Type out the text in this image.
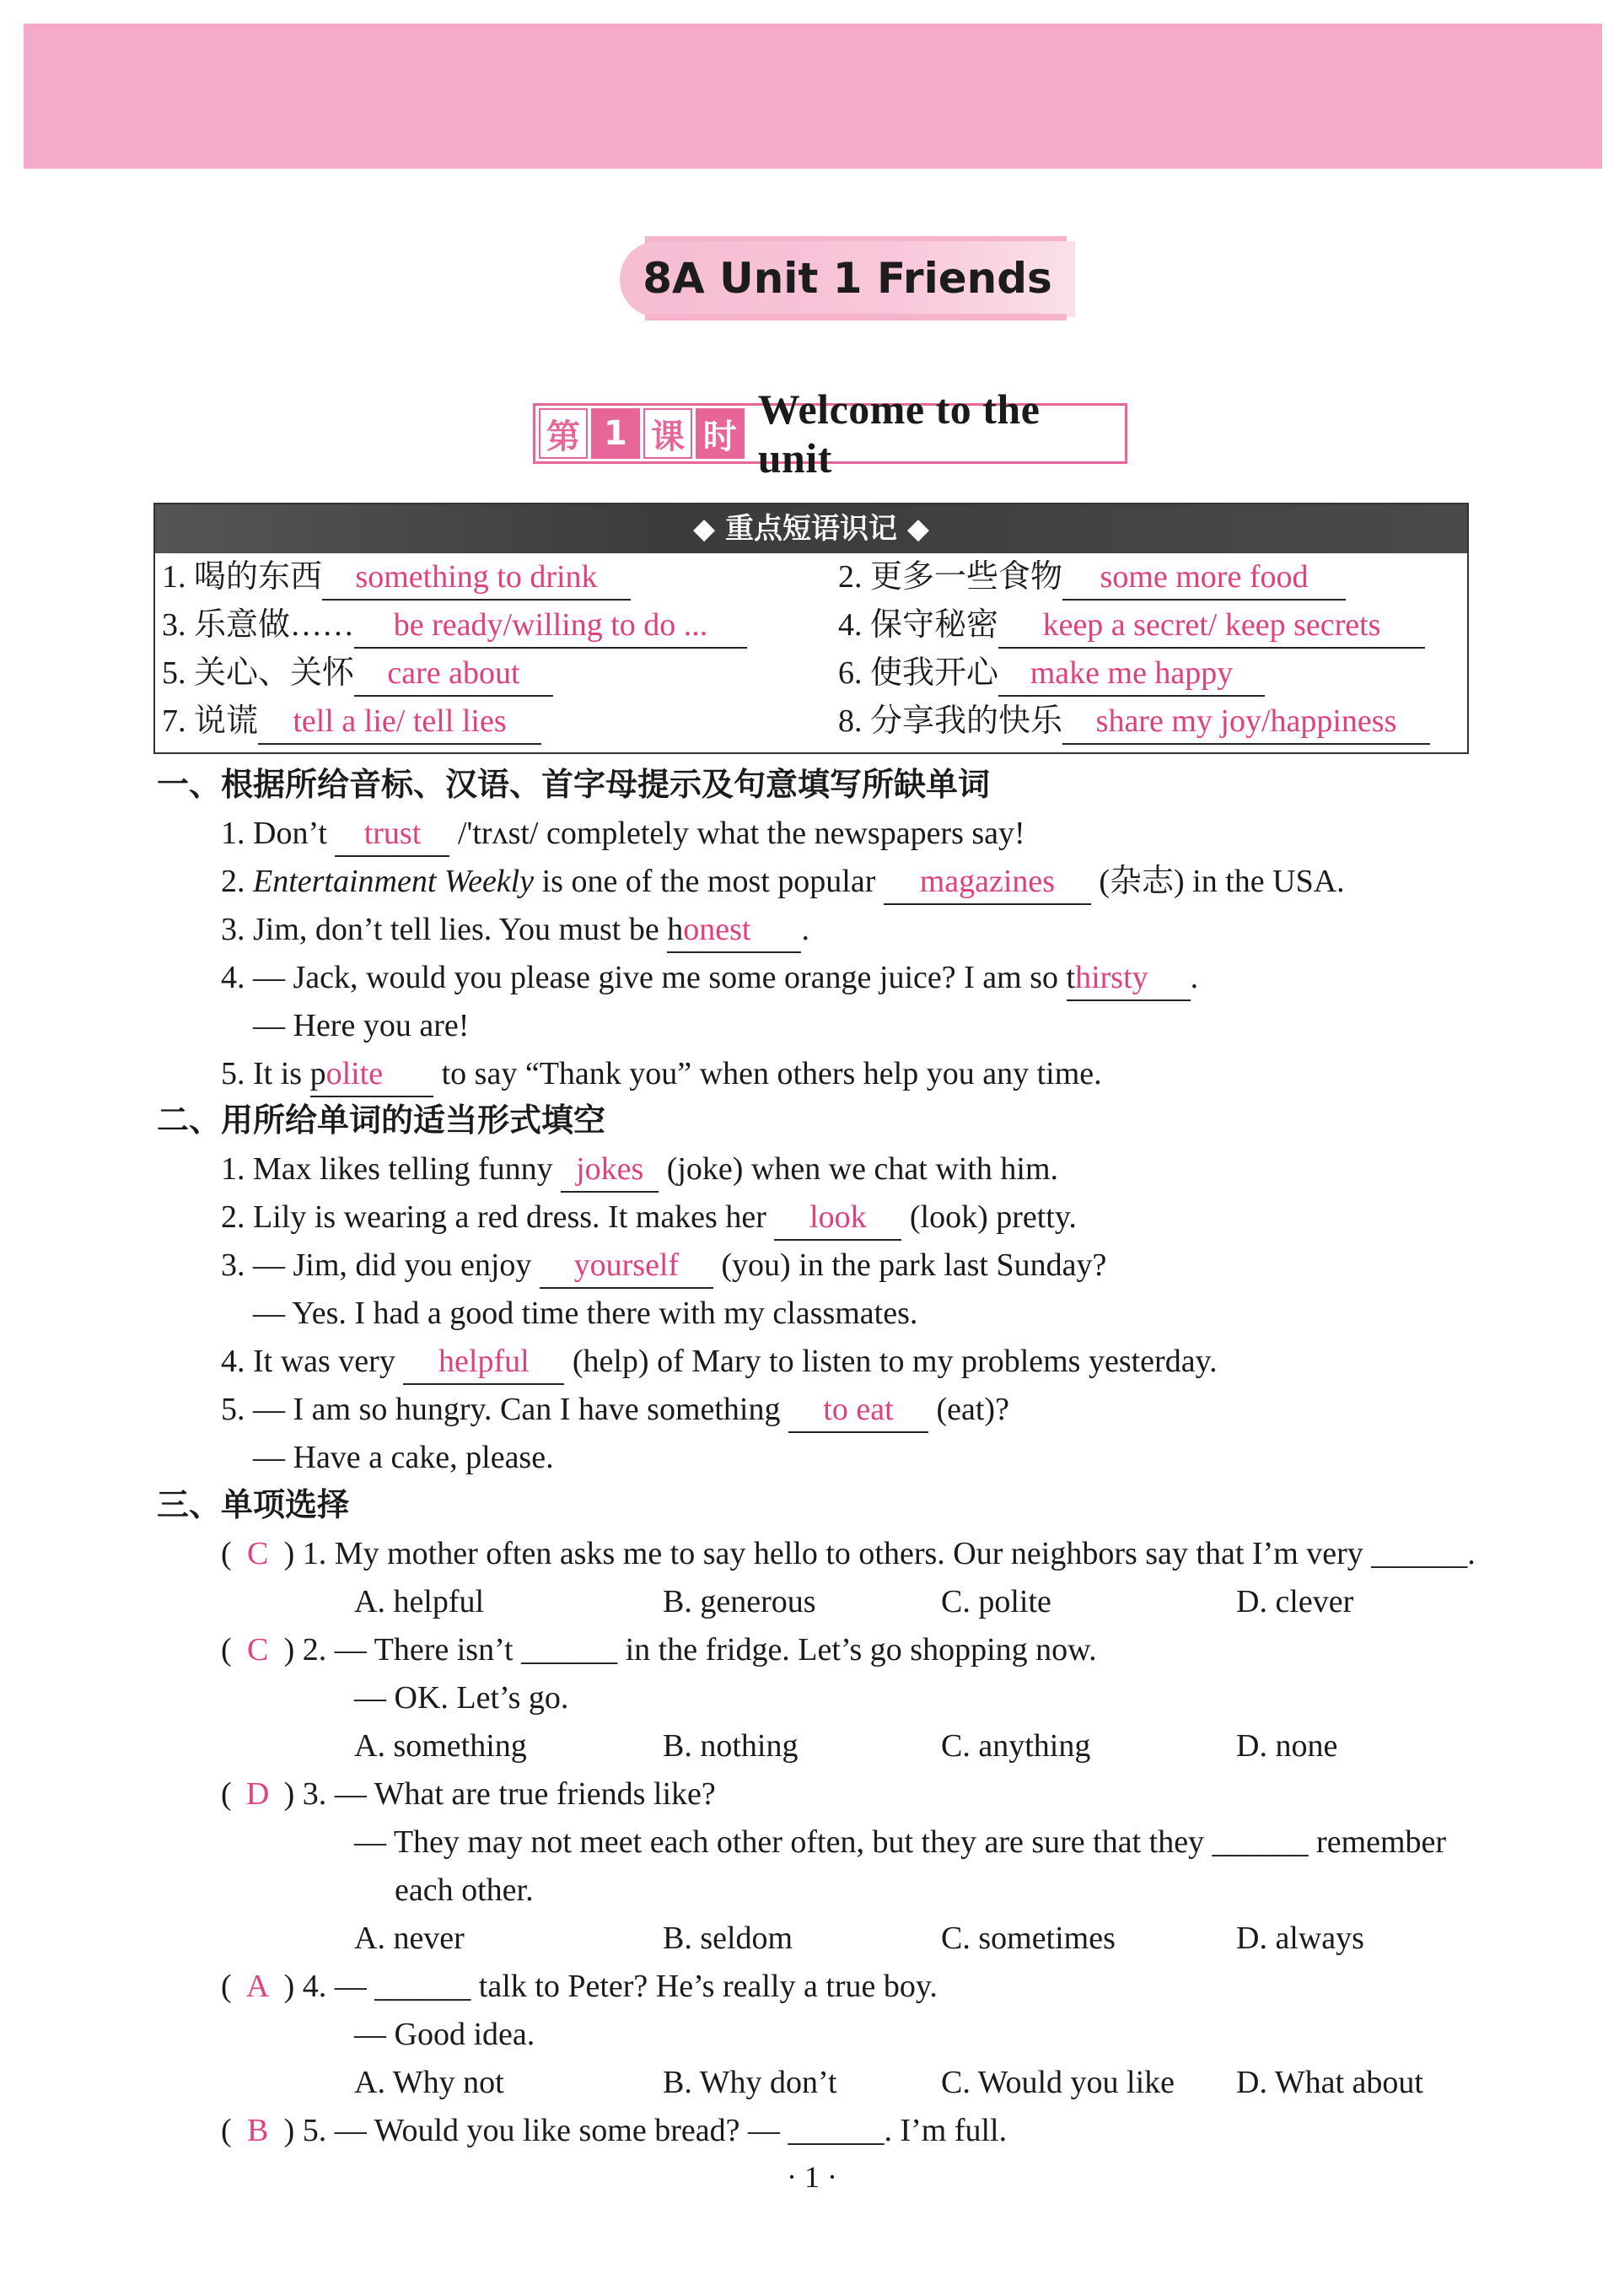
8A Unit 1 Friends
第 1 课 时
Welcome to the unit
◆ 重点短语识记 ◆
1. 喝的东西 something to drink	2. 更多一些食物 some more food
3. 乐意做…… be ready/willing to do ...	4. 保守秘密 keep a secret/ keep secrets
5. 关心、关怀 care about	6. 使我开心 make me happy
7. 说谎 tell a lie/ tell lies	8. 分享我的快乐 share my joy/happiness
一、根据所给音标、汉语、首字母提示及句意填写所缺单词
1. Don’t trust /'trʌst/ completely what the newspapers say!
2. Entertainment Weekly is one of the most popular magazines (杂志) in the USA.
3. Jim, don’t tell lies. You must be honest .
4. — Jack, would you please give me some orange juice? I am so thirsty .
— Here you are!
5. It is polite to say “Thank you” when others help you any time.
二、用所给单词的适当形式填空
1. Max likes telling funny jokes (joke) when we chat with him.
2. Lily is wearing a red dress. It makes her look (look) pretty.
3. — Jim, did you enjoy yourself (you) in the park last Sunday?
— Yes. I had a good time there with my classmates.
4. It was very helpful (help) of Mary to listen to my problems yesterday.
5. — I am so hungry. Can I have something to eat (eat)?
— Have a cake, please.
三、单项选择
( C ) 1. My mother often asks me to say hello to others. Our neighbors say that I’m very ______.
A. helpful	B. generous	C. polite	D. clever
( C ) 2. — There isn’t ______ in the fridge. Let’s go shopping now.
— OK. Let’s go.
A. something	B. nothing	C. anything	D. none
( D ) 3. — What are true friends like?
— They may not meet each other often, but they are sure that they ______ remember
each other.
A. never	B. seldom	C. sometimes	D. always
( A ) 4. — ______ talk to Peter? He’s really a true boy.
— Good idea.
A. Why not	B. Why don’t	C. Would you like D. What about
( B ) 5. — Would you like some bread? — ______. I’m full.
· 1 ·
